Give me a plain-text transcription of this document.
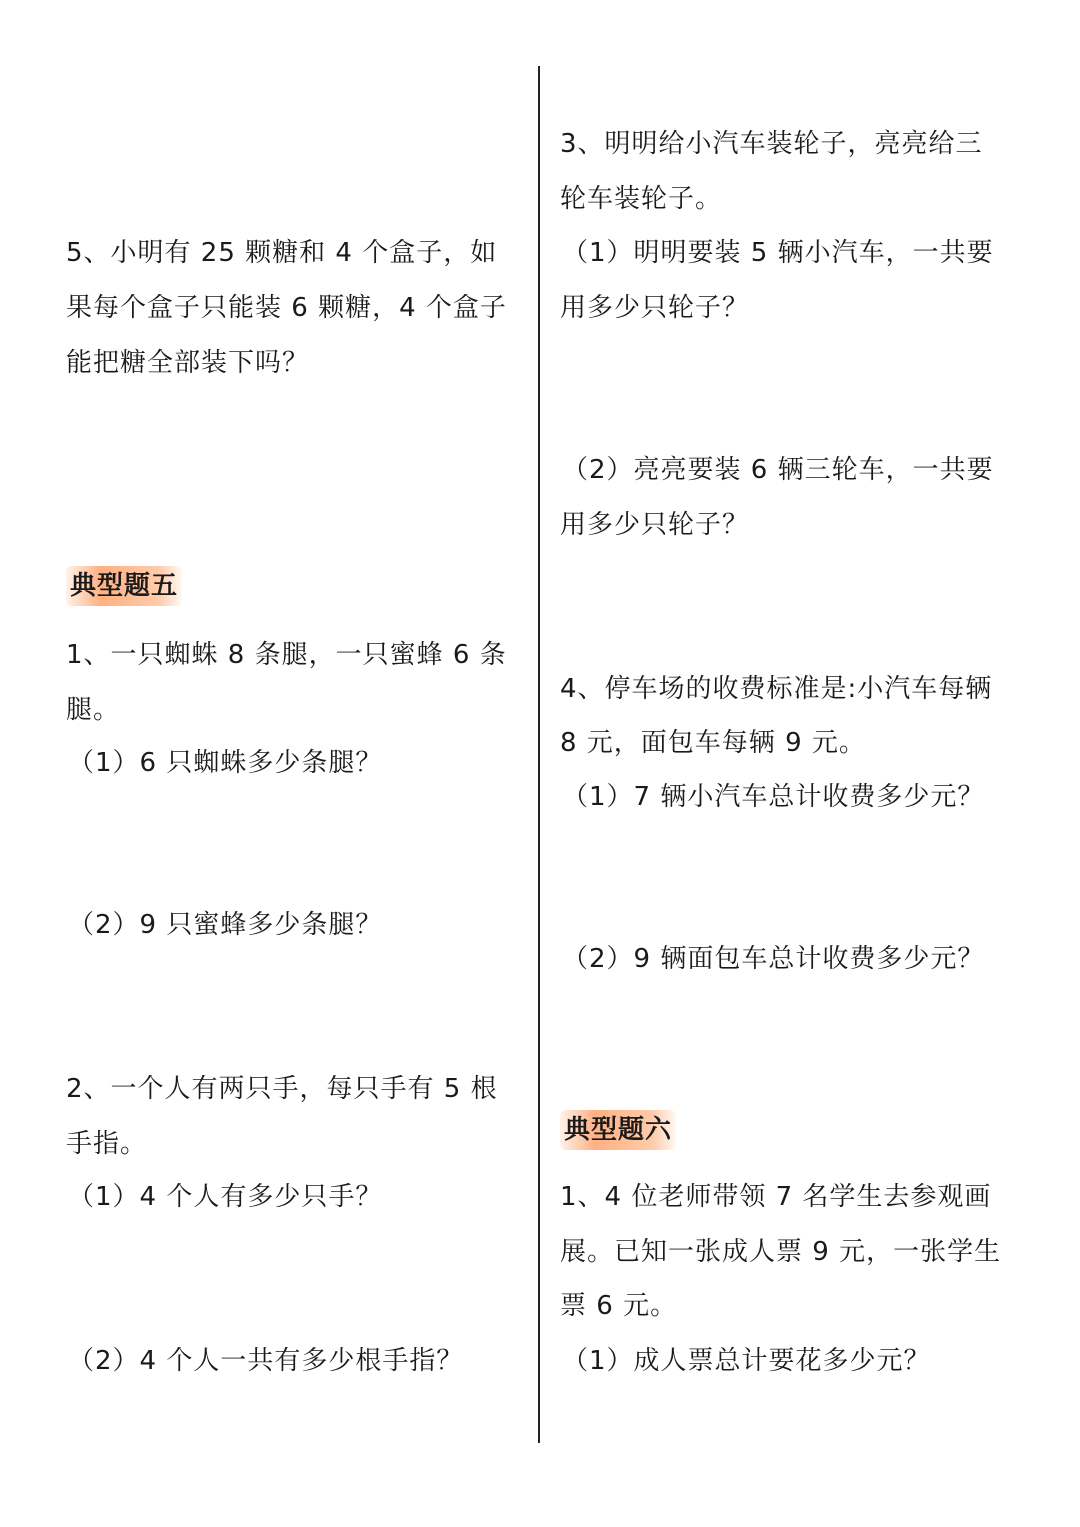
5、小明有 25 颗糖和 4 个盒子，如

果每个盒子只能装 6 颗糖，4 个盒子

能把糖全部装下吗？

典型题五

1、一只蜘蛛 8 条腿，一只蜜蜂 6 条

腿。

（1）6 只蜘蛛多少条腿？

（2）9 只蜜蜂多少条腿？

2、一个人有两只手，每只手有 5 根

手指。

（1）4 个人有多少只手？

（2）4 个人一共有多少根手指？

3、明明给小汽车装轮子，亮亮给三

轮车装轮子。

（1）明明要装 5 辆小汽车，一共要

用多少只轮子？

（2）亮亮要装 6 辆三轮车，一共要

用多少只轮子？

4、停车场的收费标准是:小汽车每辆

8 元，面包车每辆 9 元。

（1）7 辆小汽车总计收费多少元？

（2）9 辆面包车总计收费多少元？

典型题六

1、4 位老师带领 7 名学生去参观画

展。已知一张成人票 9 元，一张学生

票 6 元。

（1）成人票总计要花多少元？
